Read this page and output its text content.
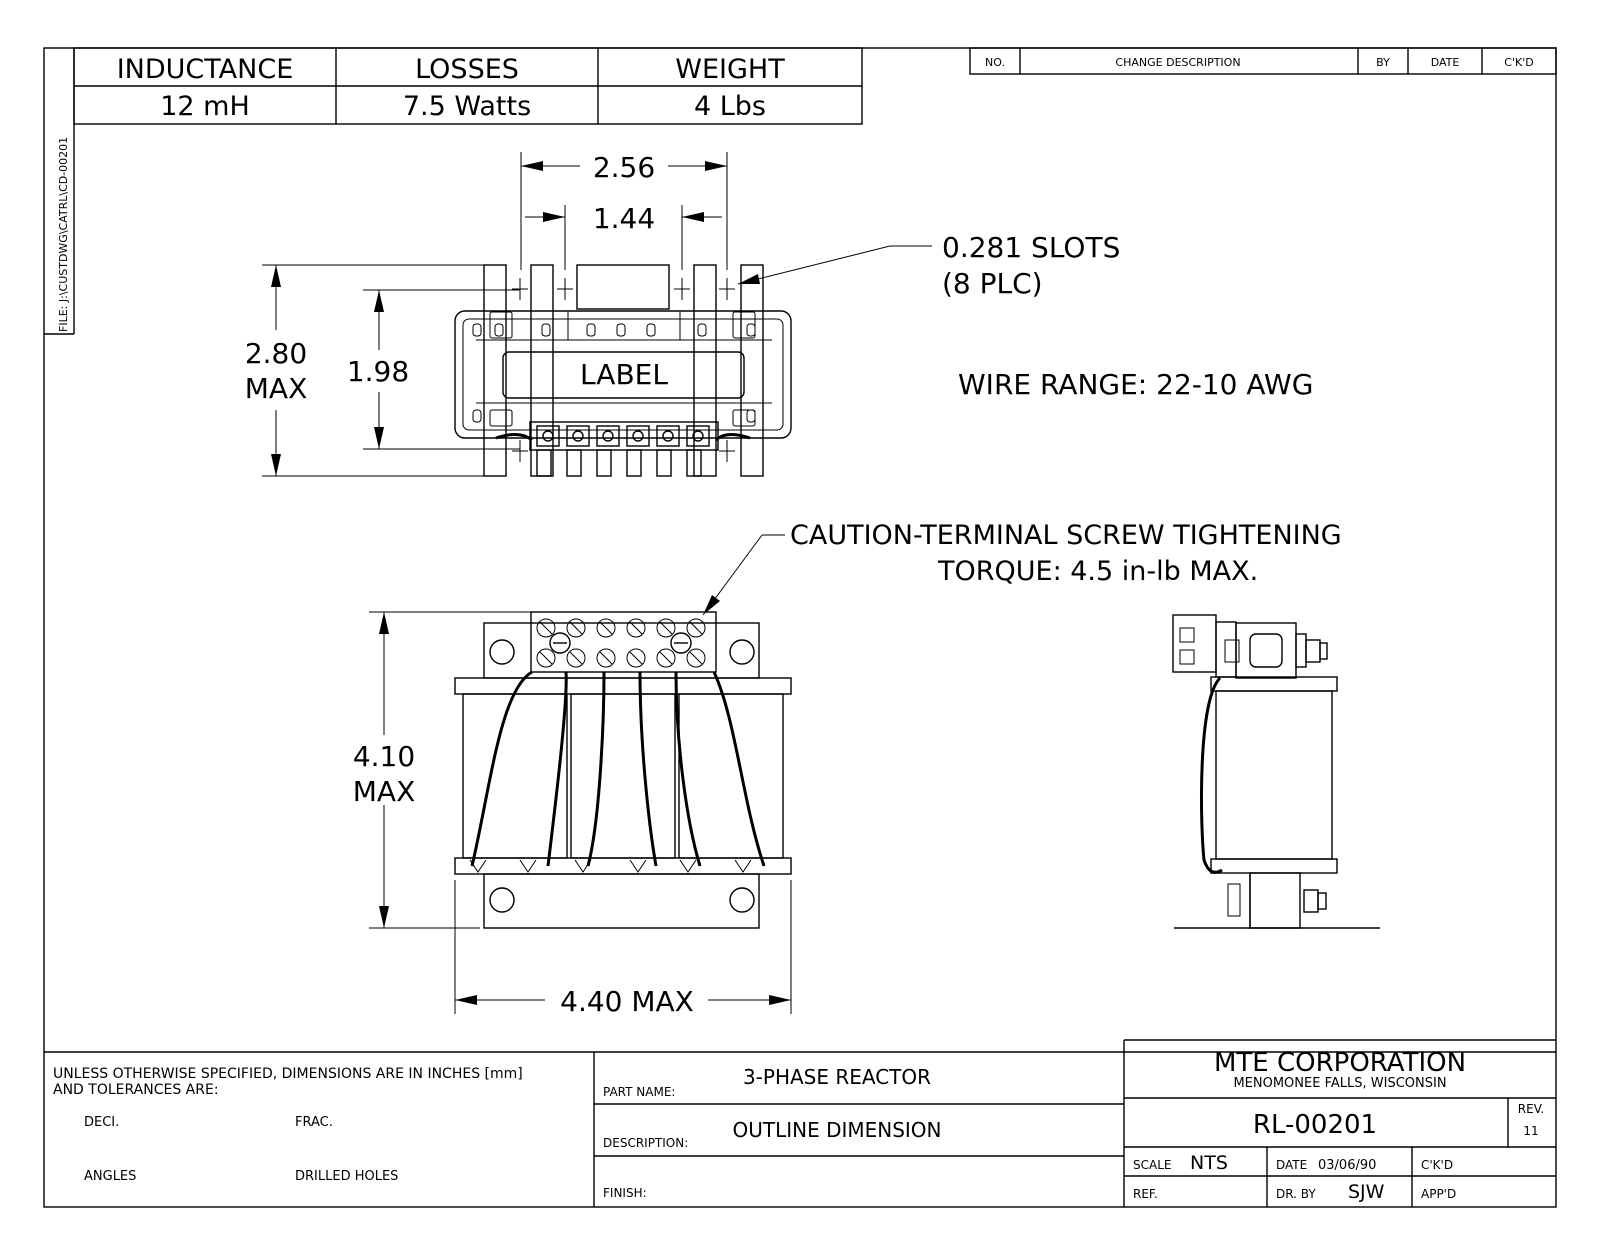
FILE: J:\CUSTDWG\CATRL\CD-00201
INDUCTANCE	LOSSES	WEIGHT
12 mH	7.5 Watts	4 Lbs
NO.	CHANGE DESCRIPTION	BY	DATE	C'K'D
2.56
1.44
0.281 SLOTS
(8 PLC)
2.80
MAX
1.98	LABEL	WIRE RANGE: 22-10 AWG
CAUTION-TERMINAL SCREW TIGHTENING
TORQUE: 4.5 in-lb MAX.
4.10
MAX
4.40 MAX
UNLESS OTHERWISE SPECIFIED, DIMENSIONS ARE IN INCHES [mm]
AND TOLERANCES ARE:
DECI.	FRAC.
ANGLES	DRILLED HOLES
PART NAME:
3-PHASE REACTOR
DESCRIPTION:
OUTLINE DIMENSION
FINISH:
MTE CORPORATION
MENOMONEE FALLS, WISCONSIN
RL-00201
REV.
11
SCALE NTS	DATE 03/06/90	C'K'D
REF.	DR. BY SJW	APP'D
